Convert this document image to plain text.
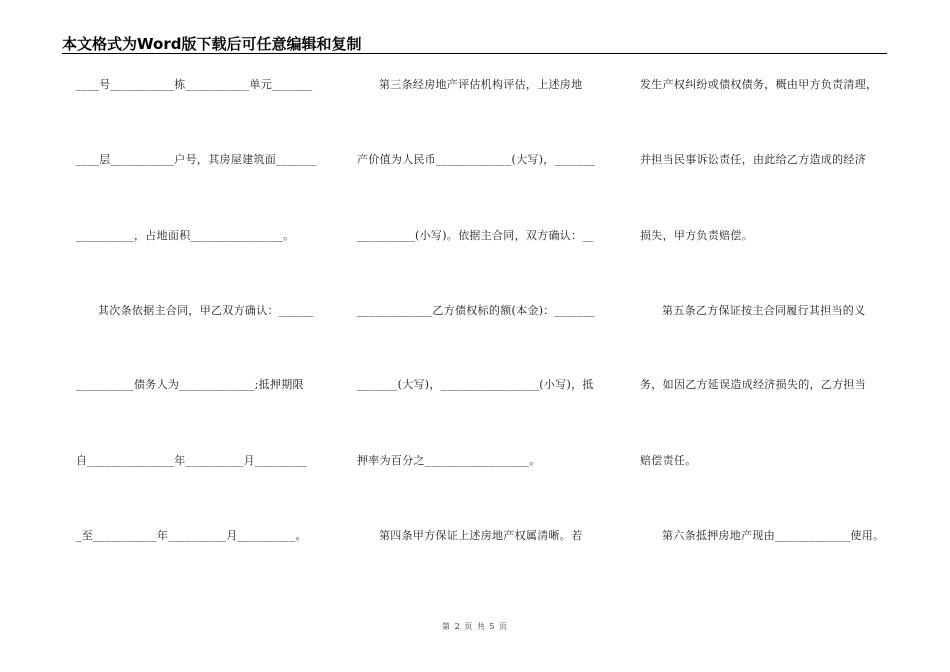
本文格式为Word版下载后可任意编辑和复制
____号___________栋___________单元_______
____层___________户号，其房屋建筑面_______
__________，占地面积________________。
其次条依据主合同，甲乙双方确认：______
__________债务人为_____________;抵押期限
自_______________年__________月_________
_至___________年__________月__________。
第三条经房地产评估机构评估，上述房地
产价值为人民币_____________(大写)，_______
__________(小写)。依据主合同，双方确认：__
_____________乙方债权标的额(本金)：_______
_______(大写)，_________________(小写)，抵
押率为百分之__________________。
第四条甲方保证上述房地产权属清晰。若
发生产权纠纷或债权债务，概由甲方负责清理，
并担当民事诉讼责任，由此给乙方造成的经济
损失，甲方负责赔偿。
第五条乙方保证按主合同履行其担当的义
务，如因乙方延误造成经济损失的，乙方担当
赔偿责任。
第六条抵押房地产现由_____________使用。
第 2 页 共 5 页
